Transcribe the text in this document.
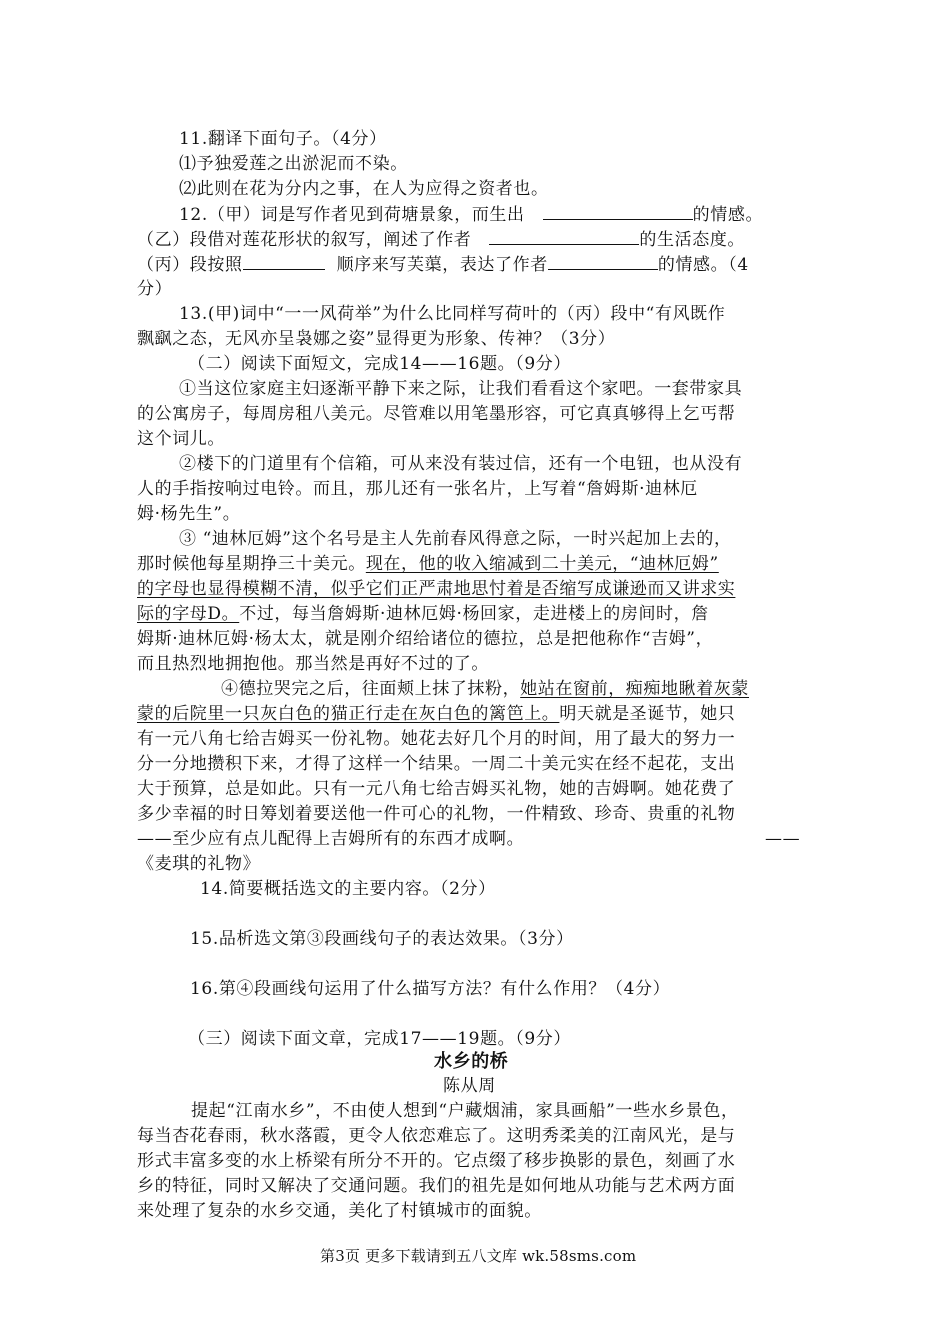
11.翻译下面句子。（4分）
⑴予独爱莲之出淤泥而不染。
⑵此则在花为分内之事，在人为应得之资者也。
12.（甲）词是写作者见到荷塘景象，而生出	的情感。
（乙）段借对莲花形状的叙写，阐述了作者	的生活态度。
（丙）段按照	顺序来写芙蕖，表达了作者	的情感。（4
分）
13.(甲)词中“一一风荷举”为什么比同样写荷叶的（丙）段中“有风既作
飘飖之态，无风亦呈袅娜之姿”显得更为形象、传神？（3分）
（二）阅读下面短文，完成14——16题。（9分）
①当这位家庭主妇逐渐平静下来之际，让我们看看这个家吧。一套带家具
的公寓房子，每周房租八美元。尽管难以用笔墨形容，可它真真够得上乞丐帮
这个词儿。
②楼下的门道里有个信箱，可从来没有装过信，还有一个电钮，也从没有
人的手指按响过电铃。而且，那儿还有一张名片，上写着“詹姆斯·迪林厄
姆·杨先生”。
③ “迪林厄姆”这个名号是主人先前春风得意之际，一时兴起加上去的，
那时候他每星期挣三十美元。现在，他的收入缩减到二十美元，“迪林厄姆”
的字母也显得模糊不清，似乎它们正严肃地思忖着是否缩写成谦逊而又讲求实
际的字母D。不过，每当詹姆斯·迪林厄姆·杨回家，走进楼上的房间时，詹
姆斯·迪林厄姆·杨太太，就是刚介绍给诸位的德拉，总是把他称作“吉姆”，
而且热烈地拥抱他。那当然是再好不过的了。
④德拉哭完之后，往面颊上抹了抹粉，她站在窗前，痴痴地瞅着灰蒙
蒙的后院里一只灰白色的猫正行走在灰白色的篱笆上。明天就是圣诞节，她只
有一元八角七给吉姆买一份礼物。她花去好几个月的时间，用了最大的努力一
分一分地攒积下来，才得了这样一个结果。一周二十美元实在经不起花，支出
大于预算，总是如此。只有一元八角七给吉姆买礼物，她的吉姆啊。她花费了
多少幸福的时日筹划着要送他一件可心的礼物，一件精致、珍奇、贵重的礼物
——至少应有点儿配得上吉姆所有的东西才成啊。	——
《麦琪的礼物》
14.简要概括选文的主要内容。（2分）
15.品析选文第③段画线句子的表达效果。（3分）
16.第④段画线句运用了什么描写方法？有什么作用？（4分）
（三）阅读下面文章，完成17——19题。（9分）
水乡的桥
陈从周
提起“江南水乡”，不由使人想到“户藏烟浦，家具画船”一些水乡景色，
每当杏花春雨，秋水落霞，更令人依恋难忘了。这明秀柔美的江南风光，是与
形式丰富多变的水上桥梁有所分不开的。它点缀了移步换影的景色，刻画了水
乡的特征，同时又解决了交通问题。我们的祖先是如何地从功能与艺术两方面
来处理了复杂的水乡交通，美化了村镇城市的面貌。
第3页 更多下载请到五八文库 wk.58sms.com
